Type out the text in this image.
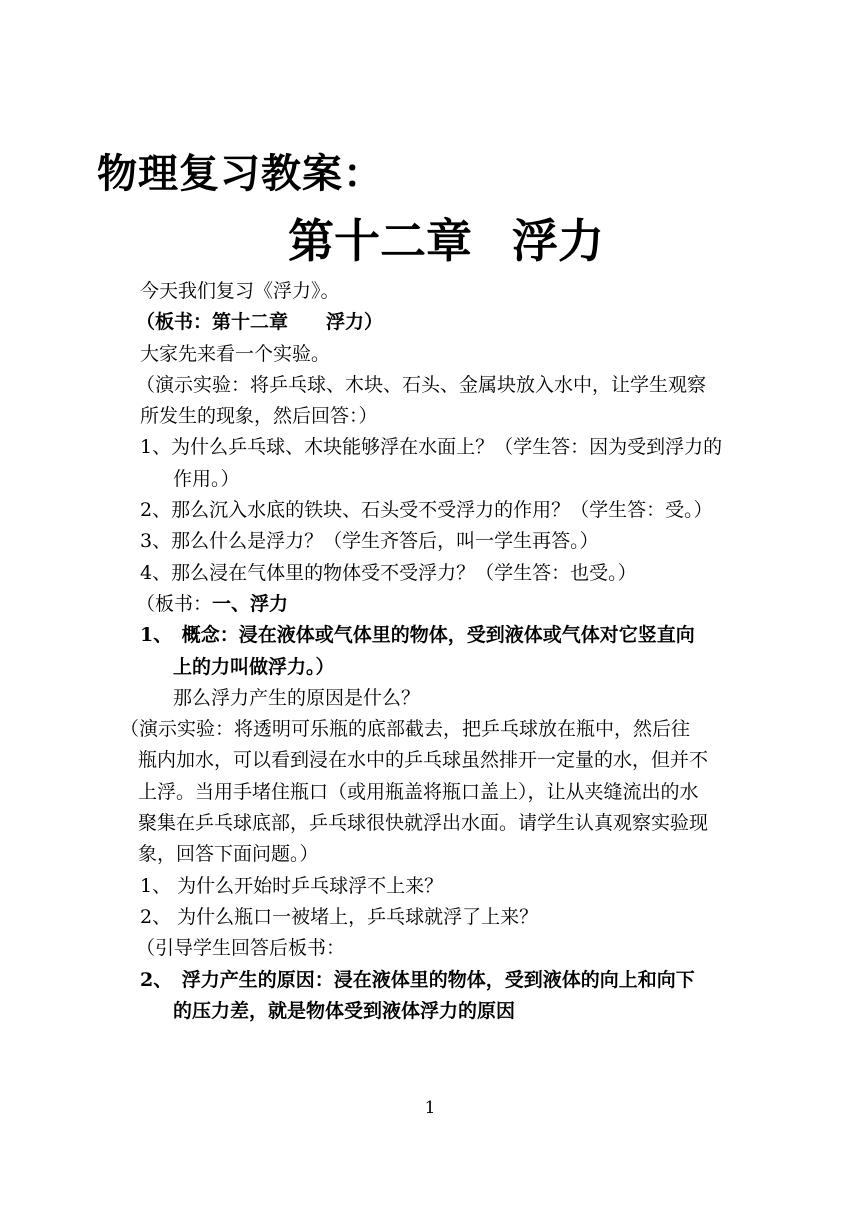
物理复习教案：
第十二章 浮力
今天我们复习《浮力》。
（板书：第十二章　　浮力）
大家先来看一个实验。
（演示实验：将乒乓球、木块、石头、金属块放入水中，让学生观察
所发生的现象，然后回答：）
1、为什么乒乓球、木块能够浮在水面上？（学生答：因为受到浮力的
作用。）
2、那么沉入水底的铁块、石头受不受浮力的作用？（学生答：受。）
3、那么什么是浮力？（学生齐答后，叫一学生再答。）
4、那么浸在气体里的物体受不受浮力？（学生答：也受。）
（板书：一、浮力
1、　概念：浸在液体或气体里的物体，受到液体或气体对它竖直向
上的力叫做浮力。）
那么浮力产生的原因是什么？
（演示实验：将透明可乐瓶的底部截去，把乒乓球放在瓶中，然后往
瓶内加水，可以看到浸在水中的乒乓球虽然排开一定量的水，但并不
上浮。当用手堵住瓶口（或用瓶盖将瓶口盖上），让从夹缝流出的水
聚集在乒乓球底部，乒乓球很快就浮出水面。请学生认真观察实验现
象，回答下面问题。）
1、 为什么开始时乒乓球浮不上来？
2、 为什么瓶口一被堵上，乒乓球就浮了上来？
（引导学生回答后板书：
2、　浮力产生的原因：浸在液体里的物体，受到液体的向上和向下
的压力差，就是物体受到液体浮力的原因
1
